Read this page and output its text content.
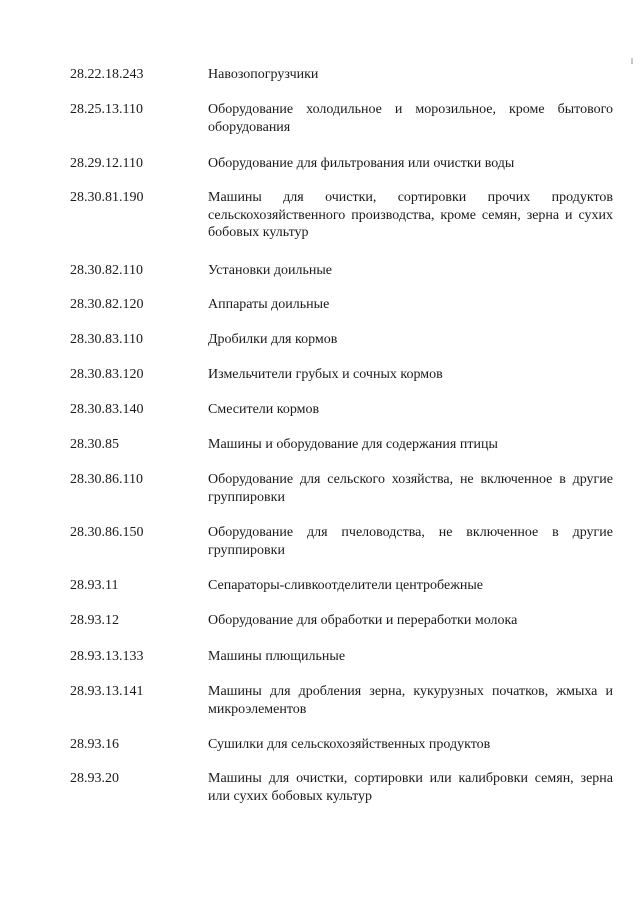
28.22.18.243	Навозопогрузчики
28.25.13.110	Оборудование холодильное и морозильное, кроме бытового оборудования
28.29.12.110	Оборудование для фильтрования или очистки воды
28.30.81.190	Машины для очистки, сортировки прочих продуктов сельскохозяйственного производства, кроме семян, зерна и сухих бобовых культур
28.30.82.110	Установки доильные
28.30.82.120	Аппараты доильные
28.30.83.110	Дробилки для кормов
28.30.83.120	Измельчители грубых и сочных кормов
28.30.83.140	Смесители кормов
28.30.85	Машины и оборудование для содержания птицы
28.30.86.110	Оборудование для сельского хозяйства, не включенное в другие группировки
28.30.86.150	Оборудование для пчеловодства, не включенное в другие группировки
28.93.11	Сепараторы-сливкоотделители центробежные
28.93.12	Оборудование для обработки и переработки молока
28.93.13.133	Машины плющильные
28.93.13.141	Машины для дробления зерна, кукурузных початков, жмыха и микроэлементов
28.93.16	Сушилки для сельскохозяйственных продуктов
28.93.20	Машины для очистки, сортировки или калибровки семян, зерна или сухих бобовых культур
